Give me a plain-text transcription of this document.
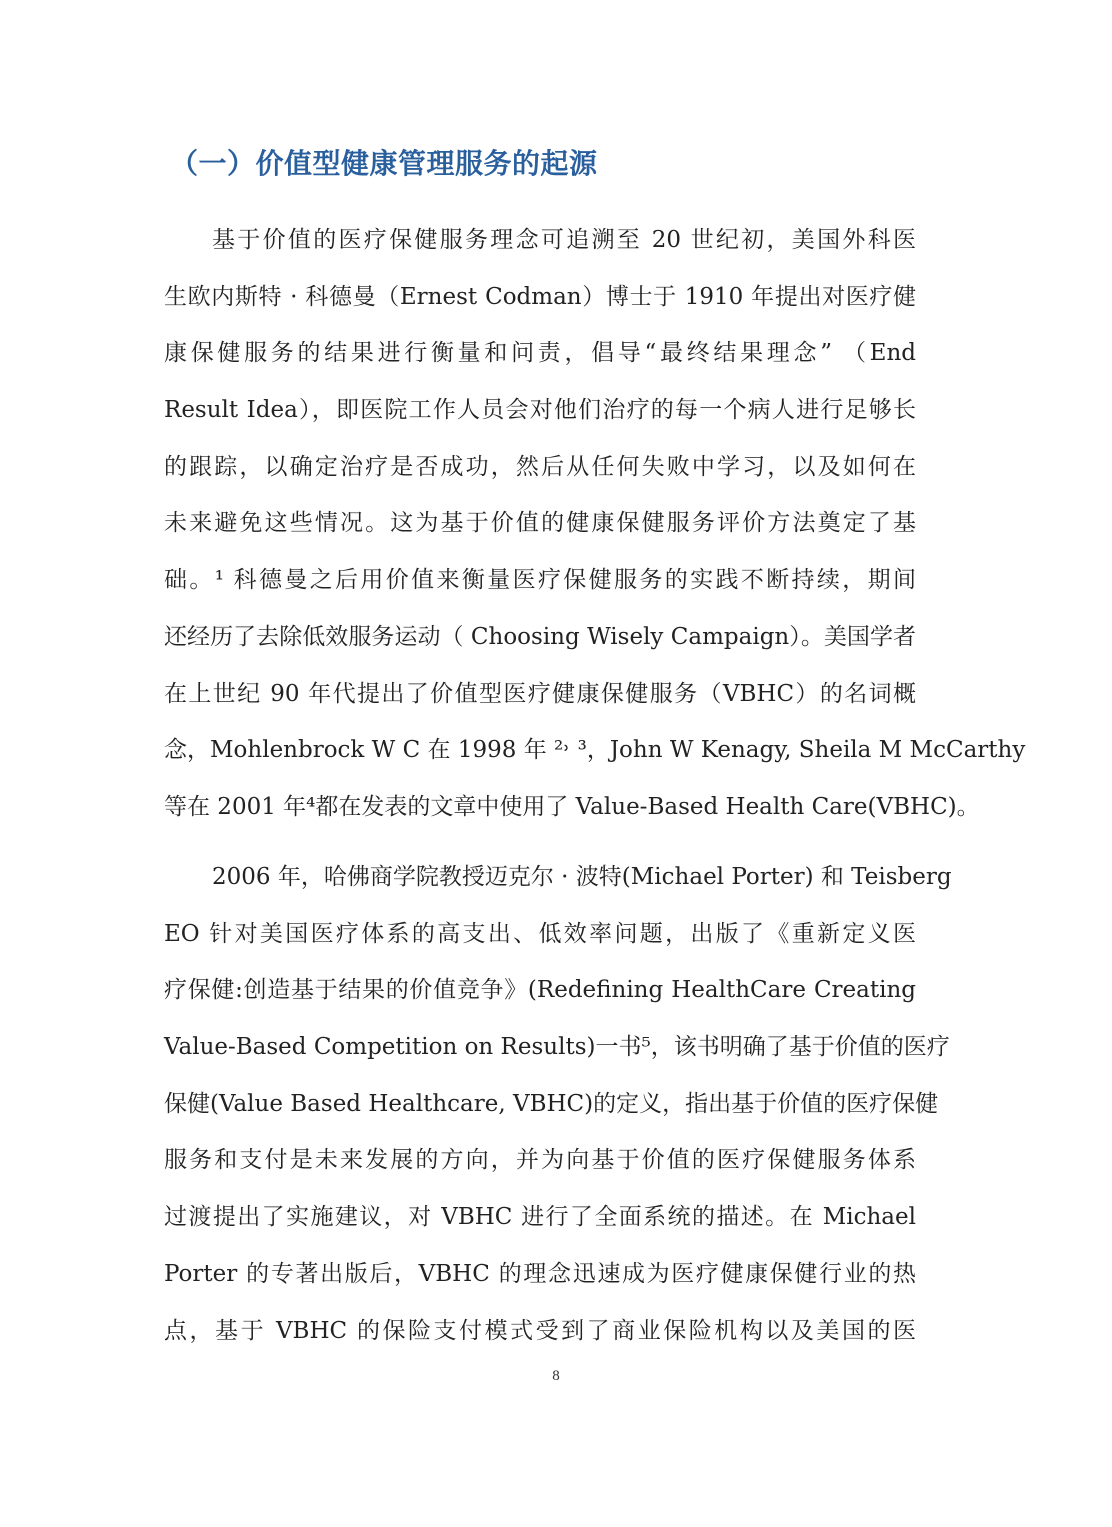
（一）价值型健康管理服务的起源
基于价值的医疗保健服务理念可追溯至 20 世纪初，美国外科医
生欧内斯特 · 科德曼（Ernest Codman）博士于 1910 年提出对医疗健
康保健服务的结果进行衡量和问责，倡导“最终结果理念” （End
Result Idea），即医院工作人员会对他们治疗的每一个病人进行足够长
的跟踪，以确定治疗是否成功，然后从任何失败中学习，以及如何在
未来避免这些情况。这为基于价值的健康保健服务评价方法奠定了基
础。¹ 科德曼之后用价值来衡量医疗保健服务的实践不断持续，期间
还经历了去除低效服务运动（ Choosing Wisely Campaign）。美国学者
在上世纪 90 年代提出了价值型医疗健康保健服务（VBHC）的名词概
念，Mohlenbrock W C 在 1998 年 ²˒ ³，John W Kenagy, Sheila M McCarthy
等在 2001 年⁴都在发表的文章中使用了 Value-Based Health Care(VBHC)。
2006 年，哈佛商学院教授迈克尔 · 波特(Michael Porter) 和 Teisberg
EO 针对美国医疗体系的高支出、低效率问题，出版了《重新定义医
疗保健:创造基于结果的价值竞争》(Redefining HealthCare Creating
Value-Based Competition on Results)一书⁵，该书明确了基于价值的医疗
保健(Value Based Healthcare, VBHC)的定义，指出基于价值的医疗保健
服务和支付是未来发展的方向，并为向基于价值的医疗保健服务体系
过渡提出了实施建议，对 VBHC 进行了全面系统的描述。在 Michael
Porter 的专著出版后，VBHC 的理念迅速成为医疗健康保健行业的热
点，基于 VBHC 的保险支付模式受到了商业保险机构以及美国的医
8
